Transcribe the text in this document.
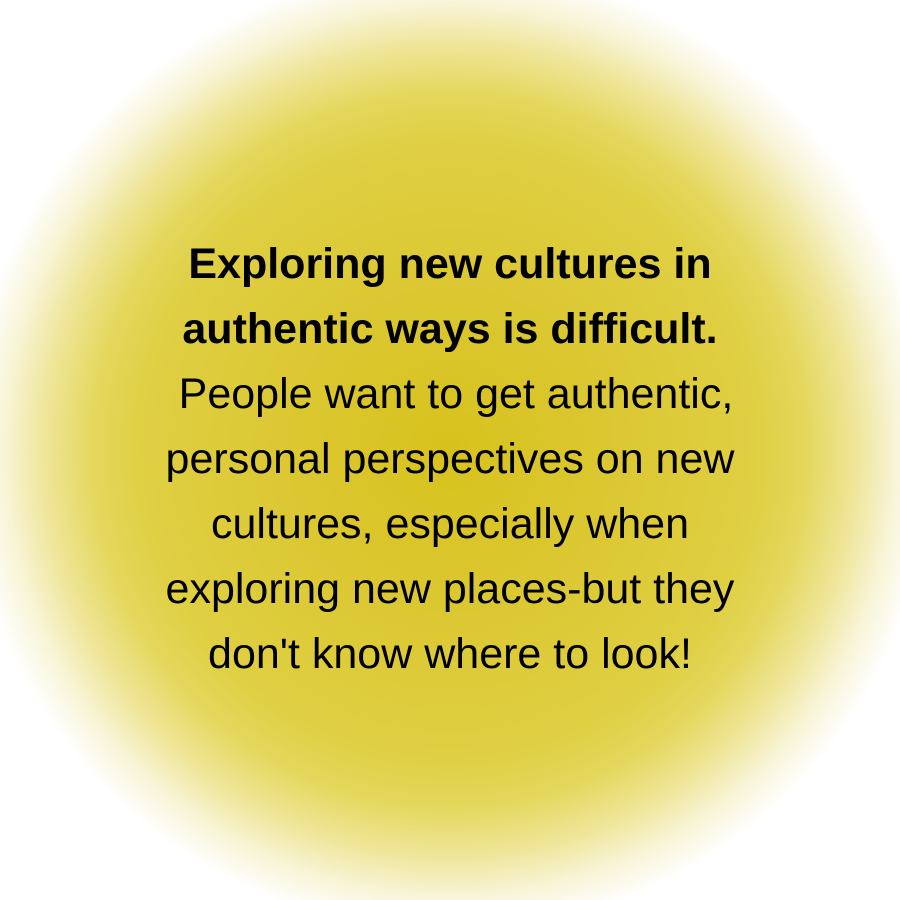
Exploring new cultures in
authentic ways is difficult.
People want to get authentic,
personal perspectives on new
cultures, especially when
exploring new places-but they
don't know where to look!
